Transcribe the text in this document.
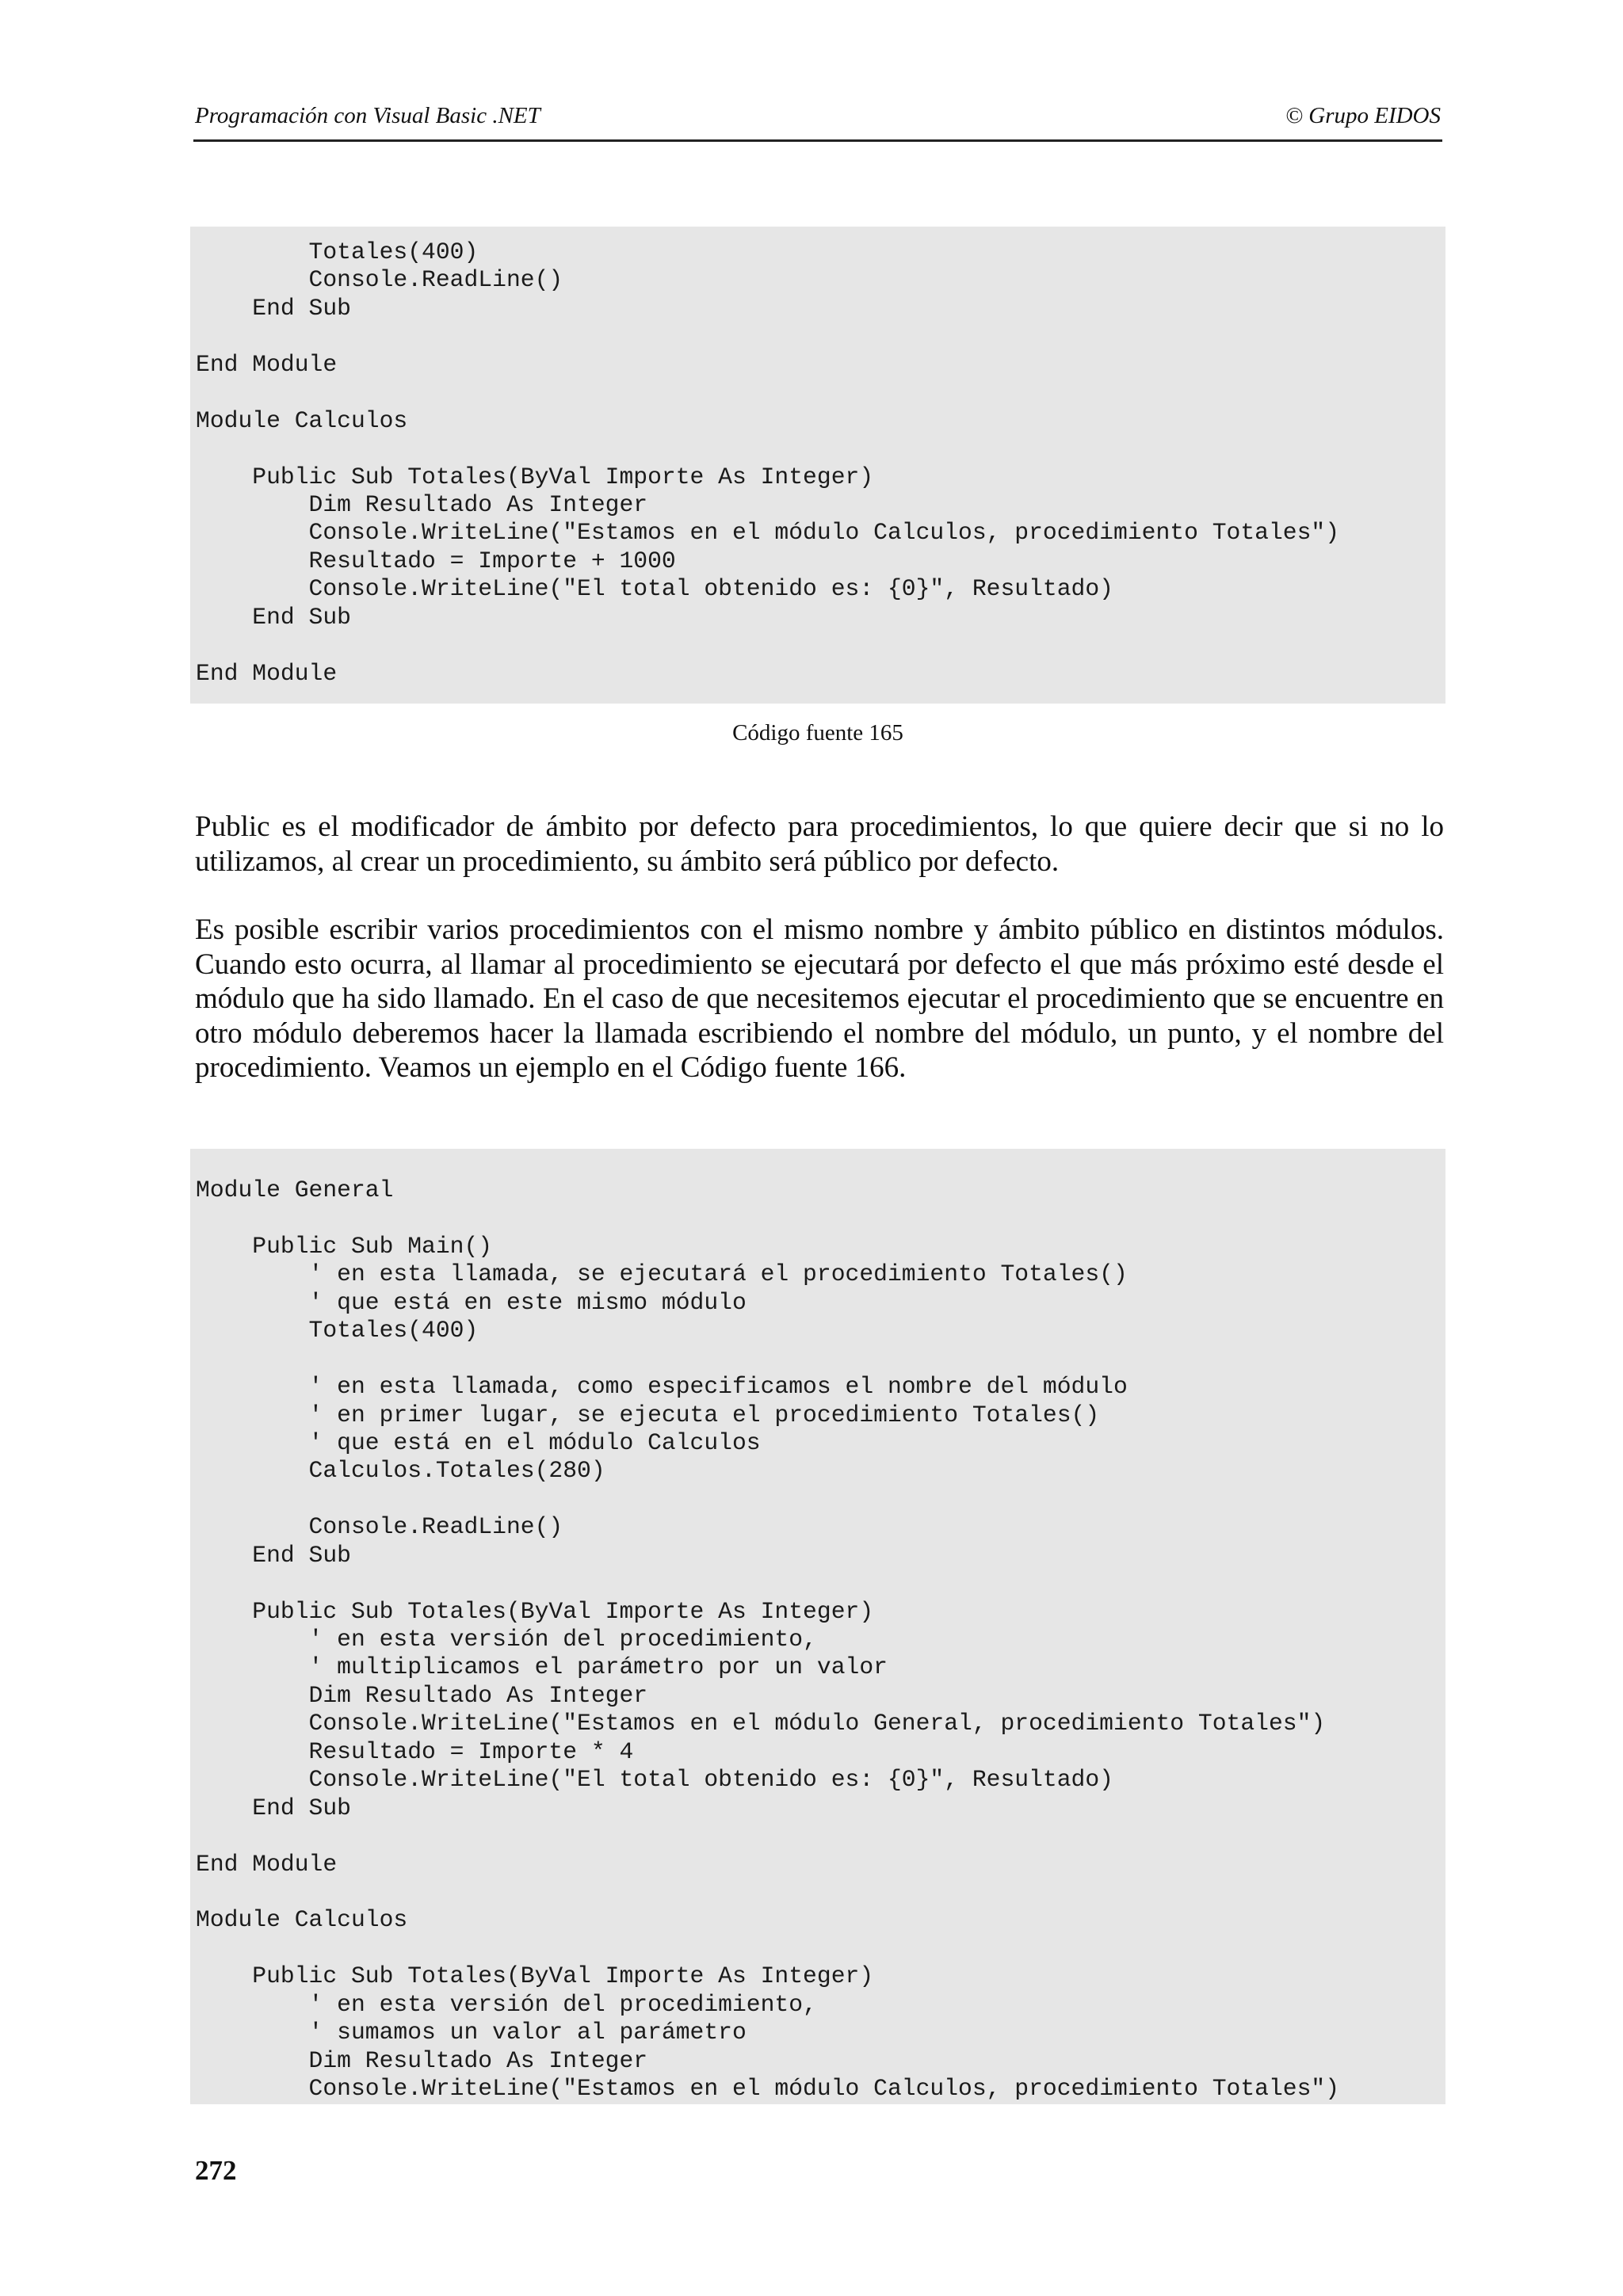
Programación con Visual Basic .NET	© Grupo EIDOS
Totales(400)
Console.ReadLine()
End Sub
End Module
Module Calculos
Public Sub Totales(ByVal Importe As Integer)
Dim Resultado As Integer
Console.WriteLine("Estamos en el módulo Calculos, procedimiento Totales")
Resultado = Importe + 1000
Console.WriteLine("El total obtenido es: {0}", Resultado)
End Sub
End Module
Código fuente 165

Public es el modificador de ámbito por defecto para procedimientos, lo que quiere decir que si no lo utilizamos, al crear un procedimiento, su ámbito será público por defecto.

Es posible escribir varios procedimientos con el mismo nombre y ámbito público en distintos módulos. Cuando esto ocurra, al llamar al procedimiento se ejecutará por defecto el que más próximo esté desde el módulo que ha sido llamado. En el caso de que necesitemos ejecutar el procedimiento que se encuentre en otro módulo deberemos hacer la llamada escribiendo el nombre del módulo, un punto, y el nombre del procedimiento. Veamos un ejemplo en el Código fuente 166.

Module General
Public Sub Main()
' en esta llamada, se ejecutará el procedimiento Totales()
' que está en este mismo módulo
Totales(400)
' en esta llamada, como especificamos el nombre del módulo
' en primer lugar, se ejecuta el procedimiento Totales()
' que está en el módulo Calculos
Calculos.Totales(280)
Console.ReadLine()
End Sub
Public Sub Totales(ByVal Importe As Integer)
' en esta versión del procedimiento,
' multiplicamos el parámetro por un valor
Dim Resultado As Integer
Console.WriteLine("Estamos en el módulo General, procedimiento Totales")
Resultado = Importe * 4
Console.WriteLine("El total obtenido es: {0}", Resultado)
End Sub
End Module
Module Calculos
Public Sub Totales(ByVal Importe As Integer)
' en esta versión del procedimiento,
' sumamos un valor al parámetro
Dim Resultado As Integer
Console.WriteLine("Estamos en el módulo Calculos, procedimiento Totales")
272
